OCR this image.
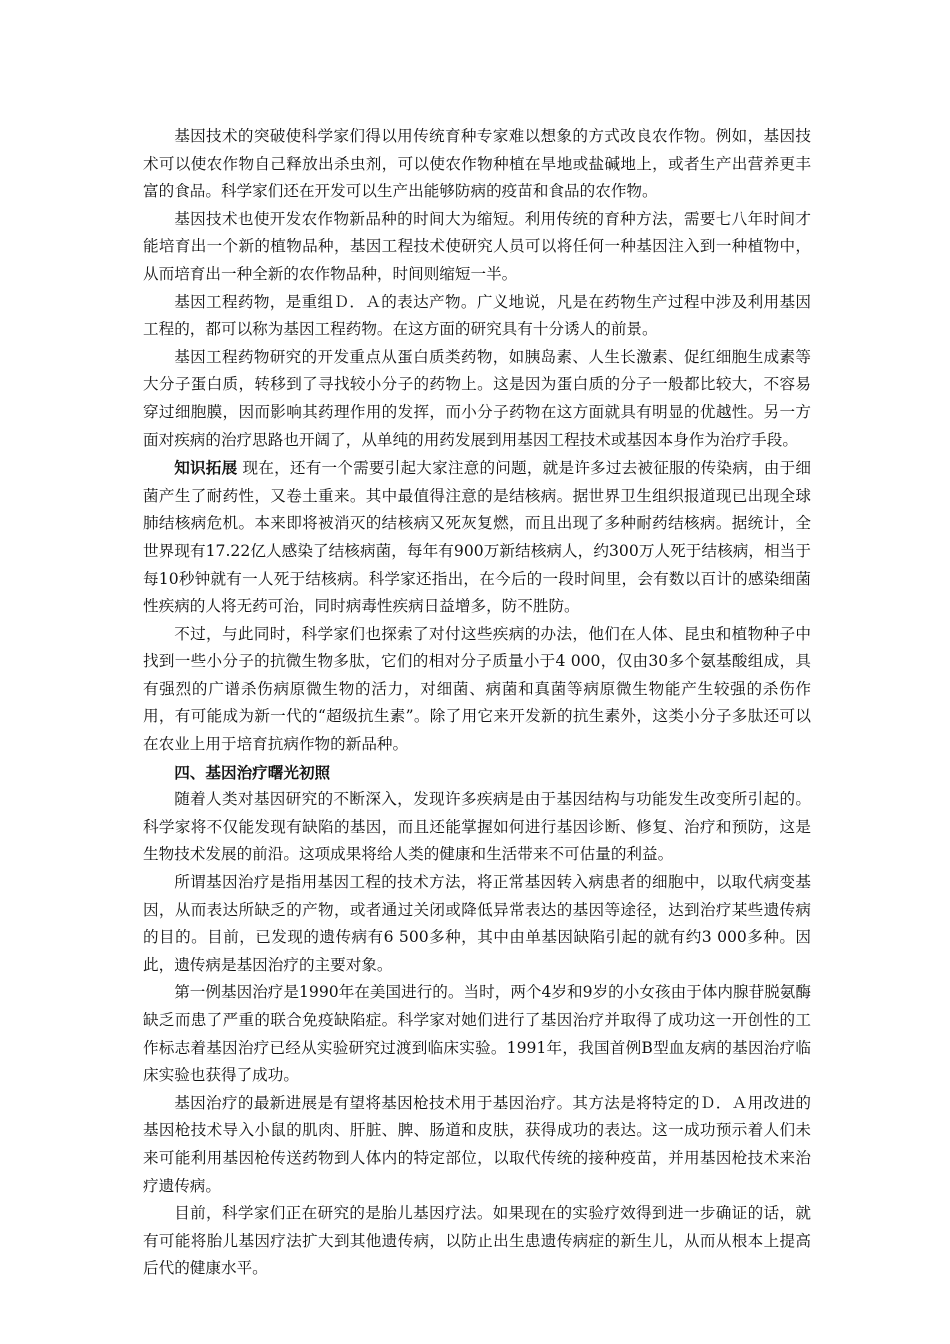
基因技术的突破使科学家们得以用传统育种专家难以想象的方式改良农作物。例如，基因技术可以使农作物自己释放出杀虫剂，可以使农作物种植在旱地或盐碱地上，或者生产出营养更丰富的食品。科学家们还在开发可以生产出能够防病的疫苗和食品的农作物。

基因技术也使开发农作物新品种的时间大为缩短。利用传统的育种方法，需要七八年时间才能培育出一个新的植物品种，基因工程技术使研究人员可以将任何一种基因注入到一种植物中，从而培育出一种全新的农作物品种，时间则缩短一半。

基因工程药物，是重组Ｄ．Ａ的表达产物。广义地说，凡是在药物生产过程中涉及利用基因工程的，都可以称为基因工程药物。在这方面的研究具有十分诱人的前景。

基因工程药物研究的开发重点从蛋白质类药物，如胰岛素、人生长激素、促红细胞生成素等大分子蛋白质，转移到了寻找较小分子的药物上。这是因为蛋白质的分子一般都比较大，不容易穿过细胞膜，因而影响其药理作用的发挥，而小分子药物在这方面就具有明显的优越性。另一方面对疾病的治疗思路也开阔了，从单纯的用药发展到用基因工程技术或基因本身作为治疗手段。

知识拓展 现在，还有一个需要引起大家注意的问题，就是许多过去被征服的传染病，由于细菌产生了耐药性，又卷土重来。其中最值得注意的是结核病。据世界卫生组织报道现已出现全球肺结核病危机。本来即将被消灭的结核病又死灰复燃，而且出现了多种耐药结核病。据统计，全世界现有17.22亿人感染了结核病菌，每年有900万新结核病人，约300万人死于结核病，相当于每10秒钟就有一人死于结核病。科学家还指出，在今后的一段时间里，会有数以百计的感染细菌性疾病的人将无药可治，同时病毒性疾病日益增多，防不胜防。

不过，与此同时，科学家们也探索了对付这些疾病的办法，他们在人体、昆虫和植物种子中找到一些小分子的抗微生物多肽，它们的相对分子质量小于4 000，仅由30多个氨基酸组成，具有强烈的广谱杀伤病原微生物的活力，对细菌、病菌和真菌等病原微生物能产生较强的杀伤作用，有可能成为新一代的“超级抗生素”。除了用它来开发新的抗生素外，这类小分子多肽还可以在农业上用于培育抗病作物的新品种。

四、基因治疗曙光初照

随着人类对基因研究的不断深入，发现许多疾病是由于基因结构与功能发生改变所引起的。科学家将不仅能发现有缺陷的基因，而且还能掌握如何进行基因诊断、修复、治疗和预防，这是生物技术发展的前沿。这项成果将给人类的健康和生活带来不可估量的利益。

所谓基因治疗是指用基因工程的技术方法，将正常基因转入病患者的细胞中，以取代病变基因，从而表达所缺乏的产物，或者通过关闭或降低异常表达的基因等途径，达到治疗某些遗传病的目的。目前，已发现的遗传病有6 500多种，其中由单基因缺陷引起的就有约3 000多种。因此，遗传病是基因治疗的主要对象。

第一例基因治疗是1990年在美国进行的。当时，两个4岁和9岁的小女孩由于体内腺苷脱氨酶缺乏而患了严重的联合免疫缺陷症。科学家对她们进行了基因治疗并取得了成功这一开创性的工作标志着基因治疗已经从实验研究过渡到临床实验。1991年，我国首例B型血友病的基因治疗临床实验也获得了成功。

基因治疗的最新进展是有望将基因枪技术用于基因治疗。其方法是将特定的Ｄ．Ａ用改进的基因枪技术导入小鼠的肌肉、肝脏、脾、肠道和皮肤，获得成功的表达。这一成功预示着人们未来可能利用基因枪传送药物到人体内的特定部位，以取代传统的接种疫苗，并用基因枪技术来治疗遗传病。

目前，科学家们正在研究的是胎儿基因疗法。如果现在的实验疗效得到进一步确证的话，就有可能将胎儿基因疗法扩大到其他遗传病，以防止出生患遗传病症的新生儿，从而从根本上提高后代的健康水平。
